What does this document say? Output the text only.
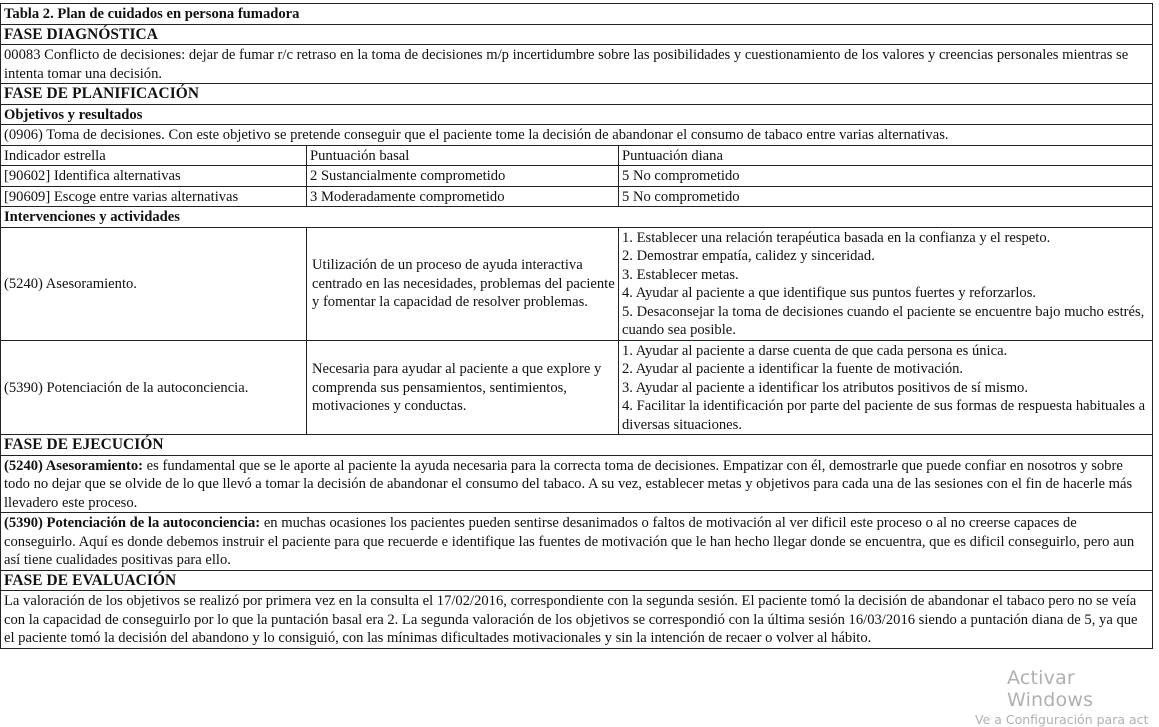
Tabla 2. Plan de cuidados en persona fumadora		
FASE DIAGNÓSTICA		
00083 Conflicto de decisiones: dejar de fumar r/c retraso en la toma de decisiones m/p incertidumbre sobre las posibilidades y cuestionamiento de los valores y creencias personales mientras se intenta tomar una decisión.		
FASE DE PLANIFICACIÓN		
Objetivos y resultados		
(0906) Toma de decisiones. Con este objetivo se pretende conseguir que el paciente tome la decisión de abandonar el consumo de tabaco entre varias alternativas.		
Indicador estrella	Puntuación basal	Puntuación diana
[90602] Identifica alternativas	2 Sustancialmente comprometido	5 No comprometido
[90609] Escoge entre varias alternativas	3 Moderadamente comprometido	5 No comprometido
Intervenciones y actividades		
(5240) Asesoramiento.	Utilización de un proceso de ayuda interactiva centrado en las necesidades, problemas del paciente y fomentar la capacidad de resolver problemas.	1. Establecer una relación terapéutica basada en la confianza y el respeto.
2. Demostrar empatía, calidez y sinceridad.
3. Establecer metas.
4. Ayudar al paciente a que identifique sus puntos fuertes y reforzarlos.
5. Desaconsejar la toma de decisiones cuando el paciente se encuentre bajo mucho estrés, cuando sea posible.

(5390) Potenciación de la autoconciencia.	Necesaria para ayudar al paciente a que explore y comprenda sus pensamientos, sentimientos, motivaciones y conductas.	1. Ayudar al paciente a darse cuenta de que cada persona es única.
2. Ayudar al paciente a identificar la fuente de motivación.
3. Ayudar al paciente a identificar los atributos positivos de sí mismo.
4. Facilitar la identificación por parte del paciente de sus formas de respuesta habituales a diversas situaciones.

FASE DE EJECUCIÓN		
(5240) Asesoramiento: es fundamental que se le aporte al paciente la ayuda necesaria para la correcta toma de decisiones. Empatizar con él, demostrarle que puede confiar en nosotros y sobre todo no dejar que se olvide de lo que llevó a tomar la decisión de abandonar el consumo del tabaco. A su vez, establecer metas y objetivos para cada una de las sesiones con el fin de hacerle más llevadero este proceso.		
(5390) Potenciación de la autoconciencia: en muchas ocasiones los pacientes pueden sentirse desanimados o faltos de motivación al ver dificil este proceso o al no creerse capaces de conseguirlo. Aquí es donde debemos instruir el paciente para que recuerde e identifique las fuentes de motivación que le han hecho llegar donde se encuentra, que es dificil conseguirlo, pero aun así tiene cualidades positivas para ello.		
FASE DE EVALUACIÓN		
La valoración de los objetivos se realizó por primera vez en la consulta el 17/02/2016, correspondiente con la segunda sesión. El paciente tomó la decisión de abandonar el tabaco pero no se veía con la capacidad de conseguirlo por lo que la puntación basal era 2. La segunda valoración de los objetivos se correspondió con la última sesión 16/03/2016 siendo a puntación diana de 5, ya que el paciente tomó la decisión del abandono y lo consiguió, con las mínimas dificultades motivacionales y sin la intención de recaer o volver al hábito.		
Activar Windows
Ve a Configuración para act
